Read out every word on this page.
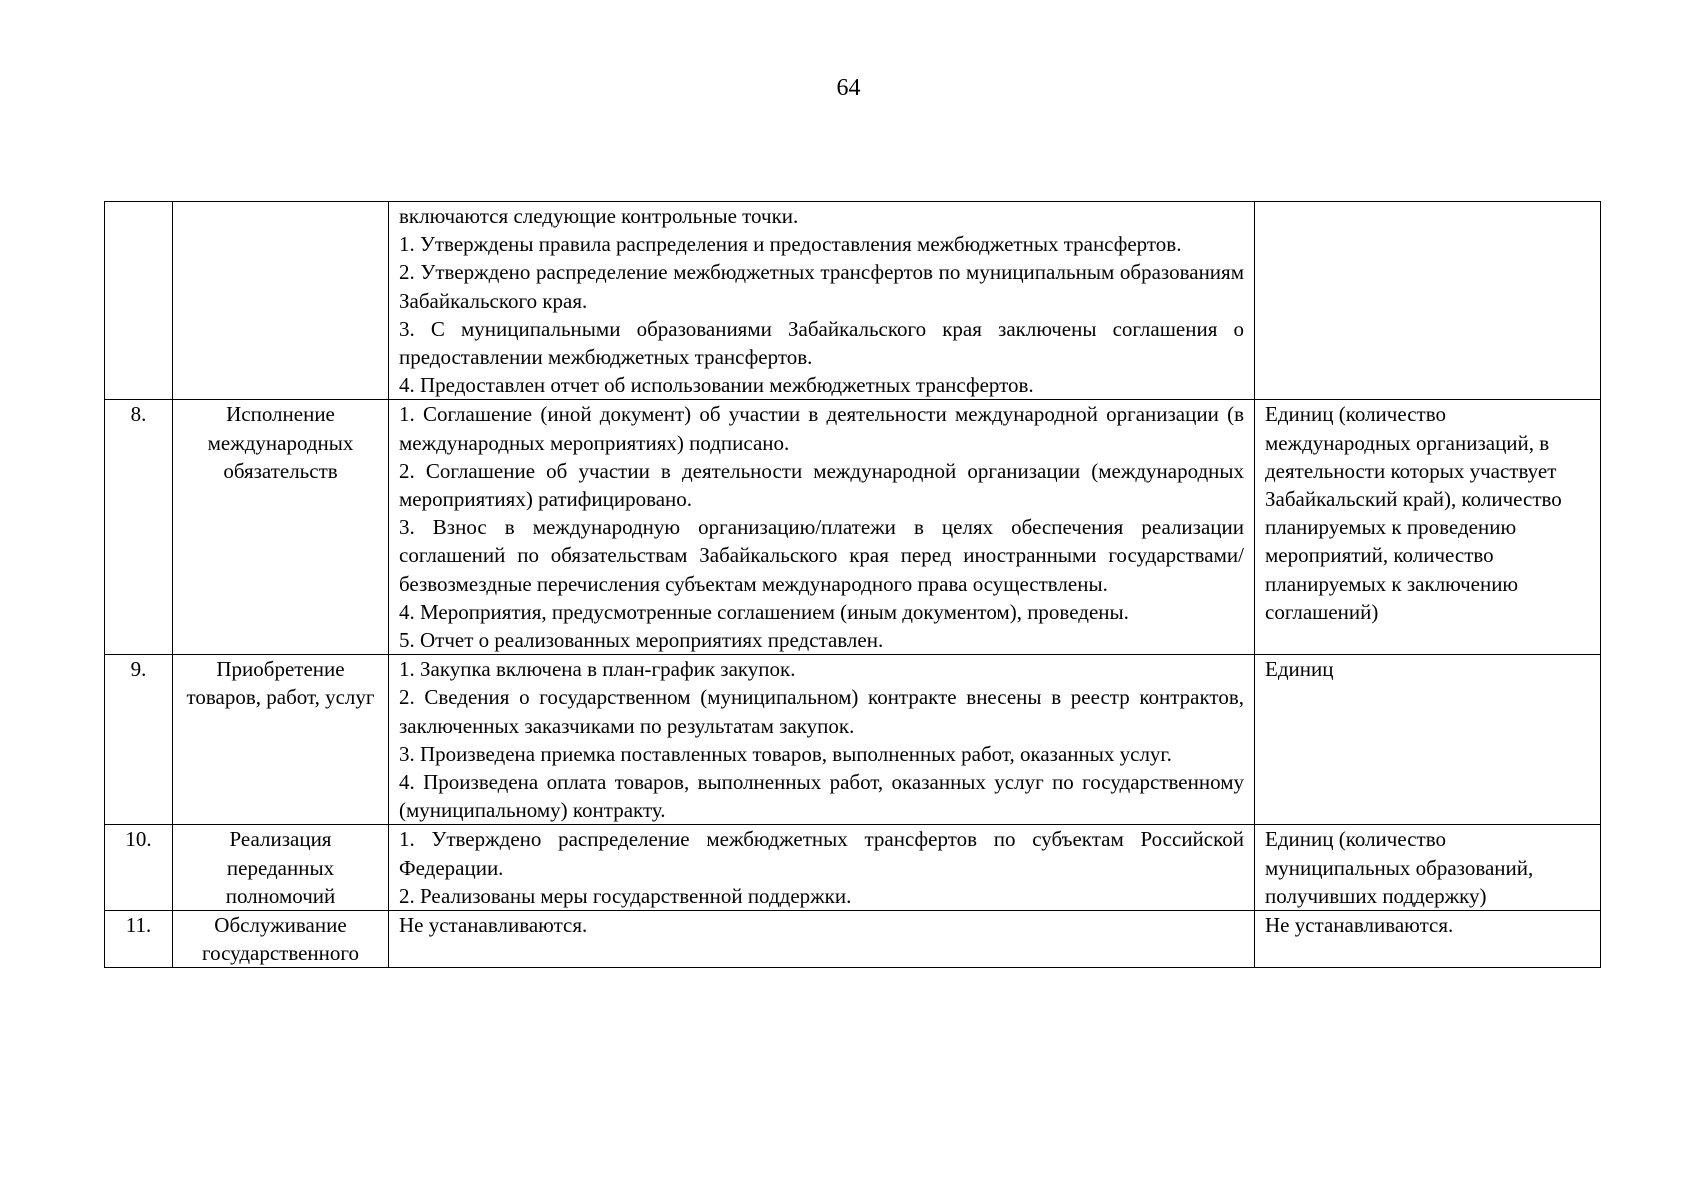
64

		включаются следующие контрольные точки.
1. Утверждены правила распределения и предоставления межбюджетных трансфертов.
2. Утверждено распределение межбюджетных трансфертов по муниципальным образованиям Забайкальского края.
3. С муниципальными образованиями Забайкальского края заключены соглашения о предоставлении межбюджетных трансфертов.
4. Предоставлен отчет об использовании межбюджетных трансфертов.	

8.	Исполнение международных обязательств	1. Соглашение (иной документ) об участии в деятельности международной организации (в международных мероприятиях) подписано.
2. Соглашение об участии в деятельности международной организации (международных мероприятиях) ратифицировано.
3. Взнос в международную организацию/платежи в целях обеспечения реализации соглашений по обязательствам Забайкальского края перед иностранными государствами/безвозмездные перечисления субъектам международного права осуществлены.
4. Мероприятия, предусмотренные соглашением (иным документом), проведены.
5. Отчет о реализованных мероприятиях представлен.	Единиц (количество международных организаций, в деятельности которых участвует Забайкальский край), количество планируемых к проведению мероприятий, количество планируемых к заключению соглашений)

9.	Приобретение товаров, работ, услуг	1. Закупка включена в план-график закупок.
2. Сведения о государственном (муниципальном) контракте внесены в реестр контрактов, заключенных заказчиками по результатам закупок.
3. Произведена приемка поставленных товаров, выполненных работ, оказанных услуг.
4. Произведена оплата товаров, выполненных работ, оказанных услуг по государственному (муниципальному) контракту.	Единиц

10.	Реализация переданных полномочий	1. Утверждено распределение межбюджетных трансфертов по субъектам Российской Федерации.
2. Реализованы меры государственной поддержки.	Единиц (количество муниципальных образований, получивших поддержку)

11.	Обслуживание государственного	Не устанавливаются.	Не устанавливаются.
